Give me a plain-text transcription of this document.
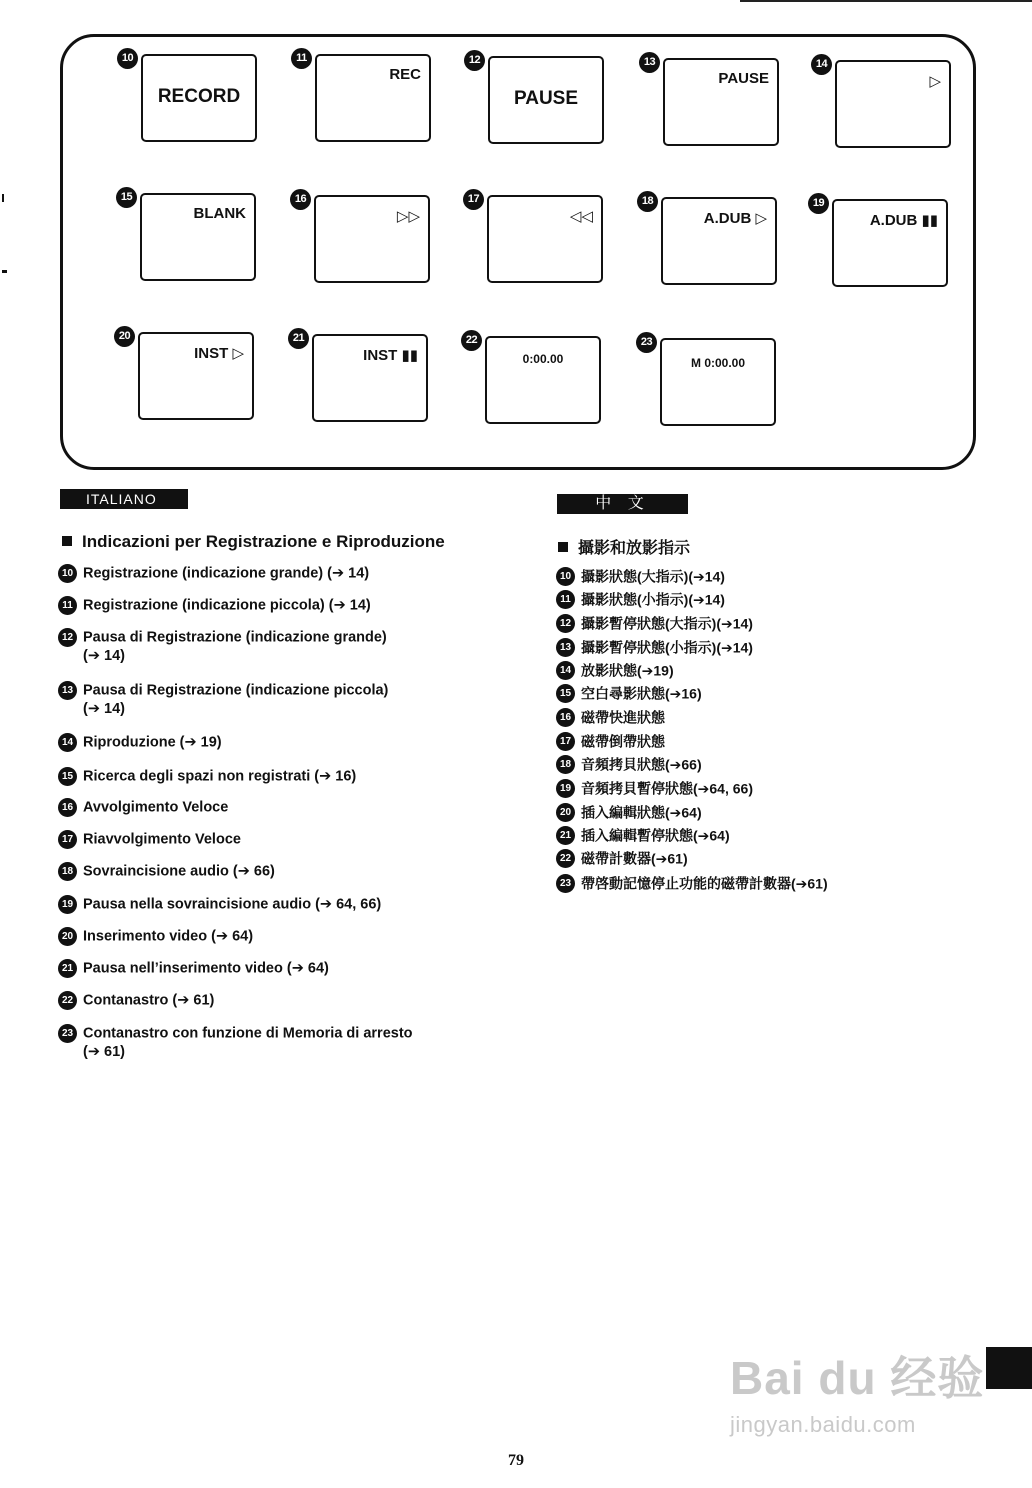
10
RECORD
11
REC
12
PAUSE
13
PAUSE
14
▷
15
BLANK
16
▷▷
17
◁◁
18
A.DUB ▷
19
A.DUB ▮▮
20
INST ▷
21
INST ▮▮
22
0:00.00
23
M 0:00.00
ITALIANO
Indicazioni per Registrazione e Riproduzione
10 Registrazione (indicazione grande) (➔ 14)
11 Registrazione (indicazione piccola) (➔ 14)
12 Pausa di Registrazione (indicazione grande)
(➔ 14)
13 Pausa di Registrazione (indicazione piccola)
(➔ 14)
14 Riproduzione (➔ 19)
15 Ricerca degli spazi non registrati (➔ 16)
16 Avvolgimento Veloce
17 Riavvolgimento Veloce
18 Sovraincisione audio (➔ 66)
19 Pausa nella sovraincisione audio (➔ 64, 66)
20 Inserimento video (➔ 64)
21 Pausa nell’inserimento video (➔ 64)
22 Contanastro (➔ 61)
23 Contanastro con funzione di Memoria di arresto
(➔ 61)
中 文
攝影和放影指示
10 攝影狀態(大指示)(➔14)
11 攝影狀態(小指示)(➔14)
12 攝影暫停狀態(大指示)(➔14)
13 攝影暫停狀態(小指示)(➔14)
14 放影狀態(➔19)
15 空白尋影狀態(➔16)
16 磁帶快進狀態
17 磁帶倒帶狀態
18 音頻拷貝狀態(➔66)
19 音頻拷貝暫停狀態(➔64, 66)
20 插入編輯狀態(➔64)
21 插入編輯暫停狀態(➔64)
22 磁帶計數器(➔61)
23 帶啓動記憶停止功能的磁帶計數器(➔61)
Bai du 经验
jingyan.baidu.com
79
